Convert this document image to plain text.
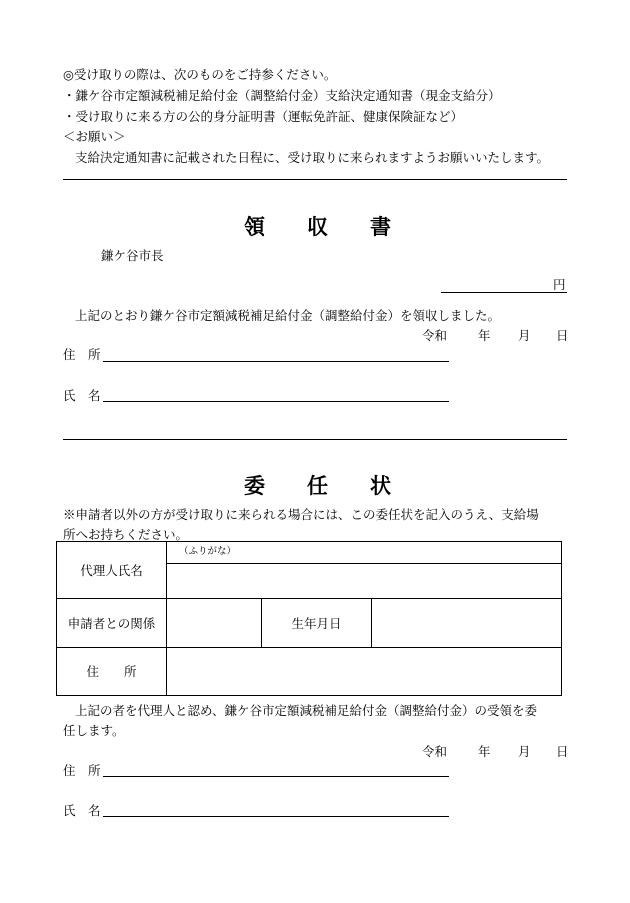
◎受け取りの際は、次のものをご持参ください。
・鎌ケ谷市定額減税補足給付金（調整給付金）支給決定通知書（現金支給分）
・受け取りに来る方の公的身分証明書（運転免許証、健康保険証など）
＜お願い＞
支給決定通知書に記載された日程に、受け取りに来られますようお願いいたします。
領　　収　　書
鎌ケ谷市長
円
上記のとおり鎌ケ谷市定額減税補足給付金（調整給付金）を領収しました。
令和 年 月 日
住　所
氏　名
委　　任　　状
※申請者以外の方が受け取りに来られる場合には、この委任状を記入のうえ、支給場
所へお持ちください。
代理人氏名	（ふりがな）		

申請者との関係		生年月日	
住　　所			
上記の者を代理人と認め、鎌ケ谷市定額減税補足給付金（調整給付金）の受領を委
任します。
令和 年 月 日
住　所
氏　名
